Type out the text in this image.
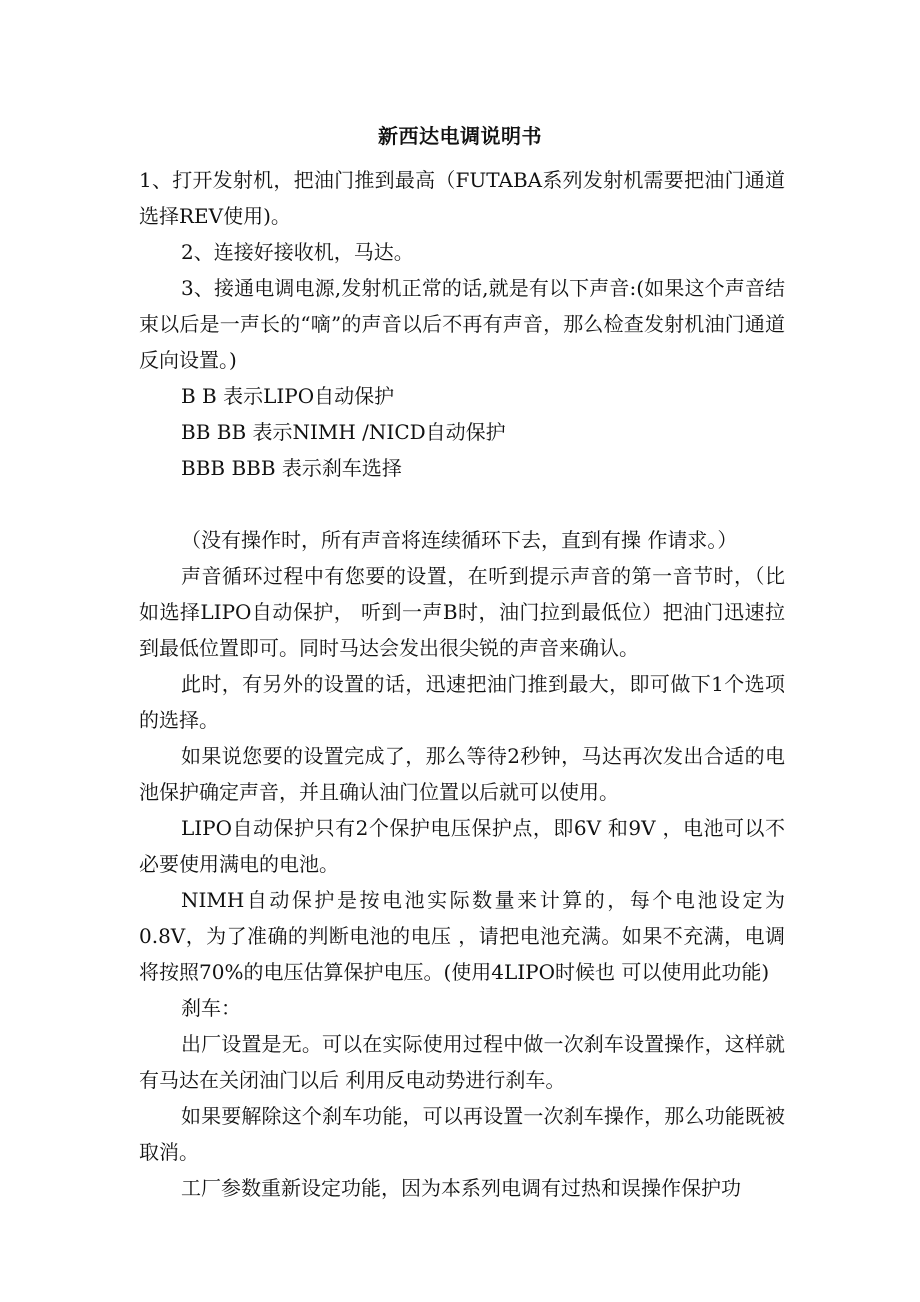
新西达电调说明书

1、打开发射机，把油门推到最高（FUTABA系列发射机需要把油门通道选择REV使用)。

2、连接好接收机，马达。

3、接通电调电源,发射机正常的话,就是有以下声音:(如果这个声音结束以后是一声长的“嘀”的声音以后不再有声音，那么检查发射机油门通道反向设置。)

B B 表示LIPO自动保护

BB BB 表示NIMH /NICD自动保护

BBB BBB 表示刹车选择

（没有操作时，所有声音将连续循环下去，直到有操 作请求。）

声音循环过程中有您要的设置，在听到提示声音的第一音节时，（比如选择LIPO自动保护， 听到一声B时，油门拉到最低位）把油门迅速拉到最低位置即可。同时马达会发出很尖锐的声音来确认。

此时，有另外的设置的话，迅速把油门推到最大，即可做下1个选项的选择。

如果说您要的设置完成了，那么等待2秒钟，马达再次发出合适的电池保护确定声音，并且确认油门位置以后就可以使用。

LIPO自动保护只有2个保护电压保护点，即6V 和9V ，电池可以不必要使用满电的电池。

NIMH自动保护是按电池实际数量来计算的，每个电池设定为0.8V，为了准确的判断电池的电压 ，请把电池充满。如果不充满，电调将按照70%的电压估算保护电压。(使用4LIPO时候也 可以使用此功能)

刹车：

出厂设置是无。可以在实际使用过程中做一次刹车设置操作，这样就有马达在关闭油门以后 利用反电动势进行刹车。

如果要解除这个刹车功能，可以再设置一次刹车操作，那么功能既被取消。

工厂参数重新设定功能，因为本系列电调有过热和误操作保护功
